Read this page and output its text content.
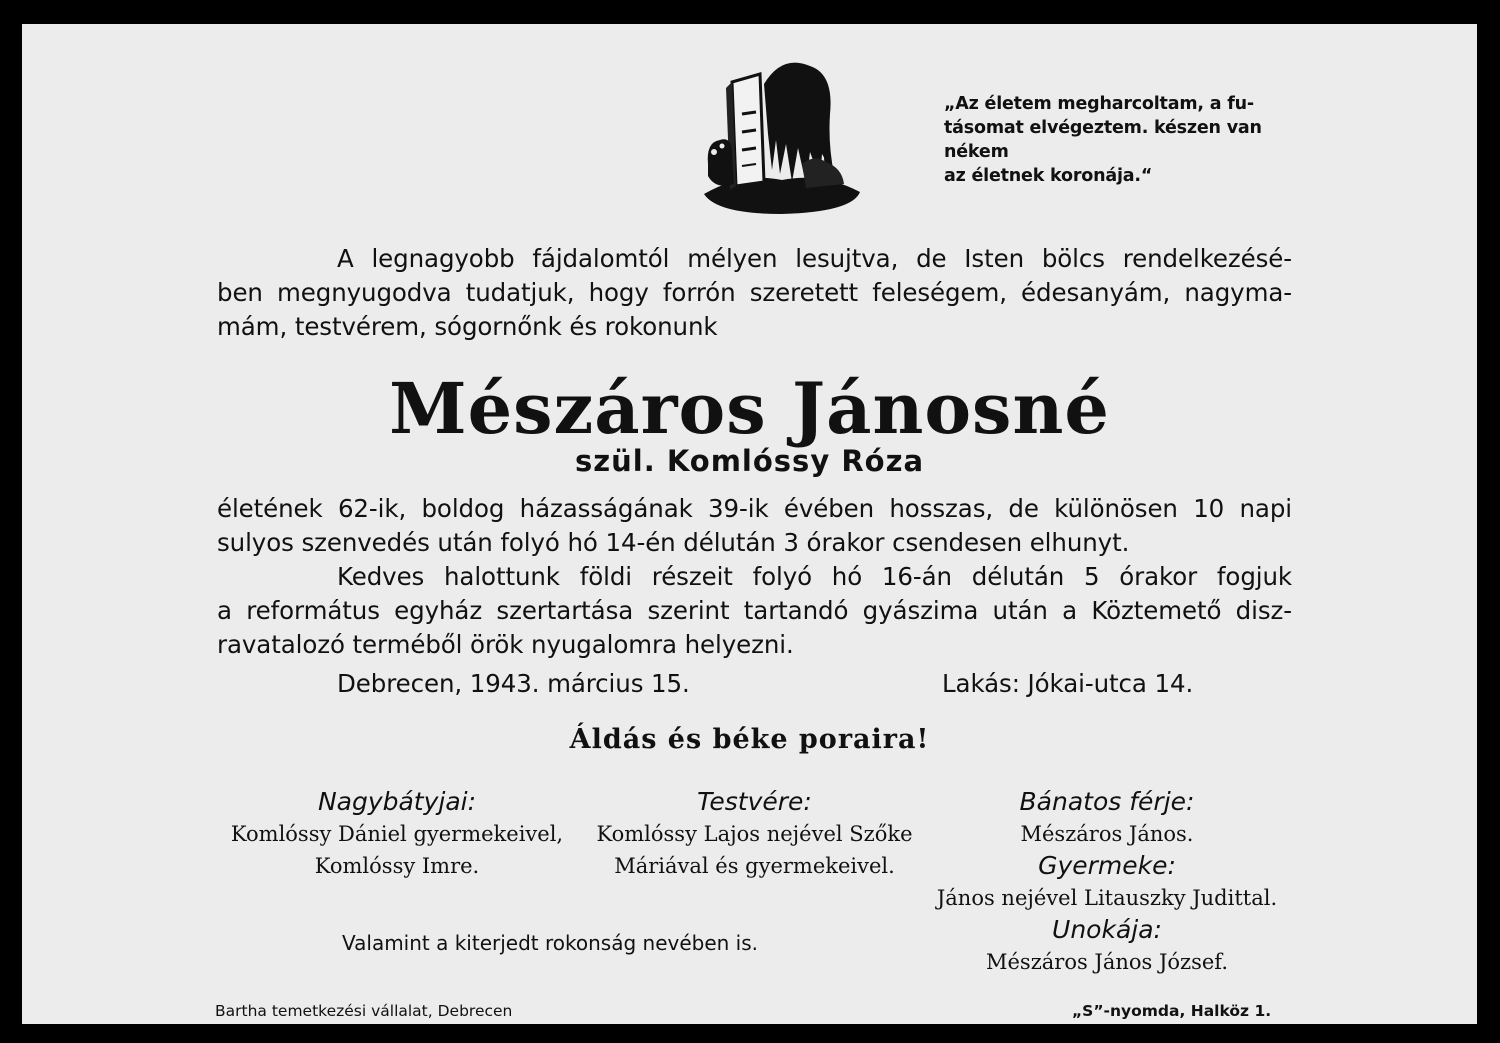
„Az életem megharcoltam, a fu-
tásomat elvégeztem. készen van nékem
az életnek koronája.“
A legnagyobb fájdalomtól mélyen lesujtva, de Isten bölcs rendelkezésé-
ben megnyugodva tudatjuk, hogy forrón szeretett feleségem, édesanyám, nagyma-
mám, testvérem, sógornőnk és rokonunk
Mészáros Jánosné
szül. Komlóssy Róza
életének 62-ik, boldog házasságának 39-ik évében hosszas, de különösen 10 napi
sulyos szenvedés után folyó hó 14-én délután 3 órakor csendesen elhunyt.
Kedves halottunk földi részeit folyó hó 16-án délután 5 órakor fogjuk
a református egyház szertartása szerint tartandó gyászima után a Köztemető disz-
ravatalozó terméből örök nyugalomra helyezni.
Debrecen, 1943. március 15.	Lakás: Jókai-utca 14.
Áldás és béke poraira!
Nagybátyjai:
Komlóssy Dániel gyermekeivel,
Komlóssy Imre.
Testvére:
Komlóssy Lajos nejével Szőke
Máriával és gyermekeivel.
Bánatos férje:
Mészáros János.
Gyermeke:
János nejével Litauszky Judittal.
Unokája:
Mészáros János József.
Valamint a kiterjedt rokonság nevében is.
Bartha temetkezési vállalat, Debrecen	„S”-nyomda, Halköz 1.
